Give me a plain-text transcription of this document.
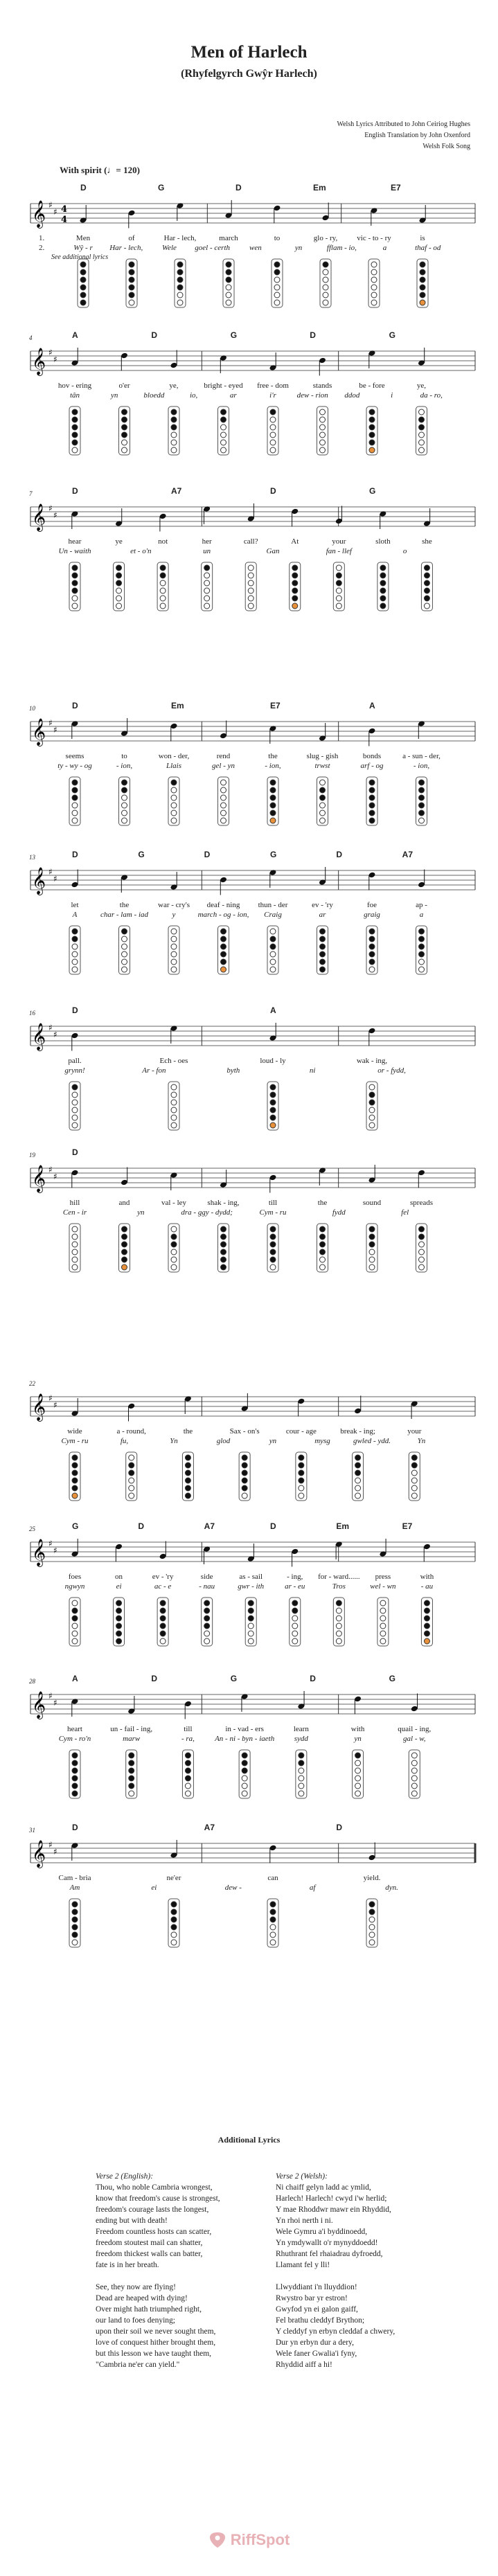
Men of Harlech
(Rhyfelgyrch Gwŷr Harlech)
Welsh Lyrics Attributed to John Ceiriog Hughes
English Translation by John Oxenford
Welsh Folk Song
With spirit (♩= 120)
𝄞 ♯
♯ 4
4
D	G	D	Em	E7
Men	of	Har - lech,	march	to	glo - ry,	vic - to - ry	is
Wŷ - r Har - lech,	Wele goel - certh	wen	yn	fflam - io,	a	thaf - od
1.
2.
See additional lyrics
𝄞 ♯
♯
4	A	D	G	D	G
hov - ering	o'er	ye,	bright - eyed free - dom	stands	be - fore	ye,
tân	yn	bloedd	io,	ar	i'r	dew - rion ddod	i	da - ro,
𝄞 ♯
♯
7	D	A7	D	G
hear	ye	not	her	call?	At	your	sloth	she
Un - waith	et - o'n	un	Gan	fan - llef	o
𝄞 ♯
♯
10	D	Em	E7	A
seems	to	won - der,	rend	the	slug - gish	bonds	a - sun - der,
ty - wy - og	- ion,	Llais	gel - yn	- ion,	trwst	arf - og	- ion,
𝄞 ♯
♯
13	D	G	D	G	D	A7
let	the	war - cry's deaf - ning thun - der	ev - 'ry	foe	ap -
A	char - lam - iad	y	march - og - ion, Craig	ar	graig	a
𝄞 ♯
♯
16	D	A
pall.	Ech - oes	loud - ly	wak - ing,
grynn!	Ar - fon	byth	ni	or - fydd,
𝄞 ♯
♯
19	D
hill	and	val - ley	shak - ing,	till	the	sound	spreads
Cen - ir	yn	dra - ggy - dydd;	Cym - ru	fydd	fel
𝄞 ♯
♯
22
wide	a - round,	the	Sax - on's	cour - age	break - ing;	your
Cym - ru	fu,	Yn	glod	yn	mysg	gwled - ydd.	Yn
𝄞 ♯
♯
25	G	D	A7	D	Em	E7
foes	on	ev - 'ry	side	as - sail	- ing, for - ward...... press	with
ngwyn	ei	ac - e	- nau	gwr - ith	ar - eu	Tros	wel - wn	- au
𝄞 ♯
♯
28	A	D	G	D	G
heart	un - fail - ing,	till	in - vad - ers	learn	with	quail - ing,
Cym - ro'n	marw	- ra,	An - ni - byn - iaeth	sydd	yn	gal - w,
𝄞 ♯
♯
31	D	A7	D
Cam - bria	ne'er	can	yield.
Am	ei	dew -	af	dyn.
Additional Lyrics
Verse 2 (English):
Thou, who noble Cambria wrongest,
know that freedom's cause is strongest,
freedom's courage lasts the longest,
ending but with death!
Freedom countless hosts can scatter,
freedom stoutest mail can shatter,
freedom thickest walls can batter,
fate is in her breath.
See, they now are flying!
Dead are heaped with dying!
Over might hath triumphed right,
our land to foes denying;
upon their soil we never sought them,
love of conquest hither brought them,
but this lesson we have taught them,
"Cambria ne'er can yield."
Verse 2 (Welsh):
Ni chaiff gelyn ladd ac ymlid,
Harlech! Harlech! cwyd i'w herlid;
Y mae Rhoddwr mawr ein Rhyddid,
Yn rhoi nerth i ni.
Wele Gymru a'i byddinoedd,
Yn ymdywallt o'r mynyddoedd!
Rhuthrant fel rhaiadrau dyfroedd,
Llamant fel y lli!
Llwyddiant i'n lluyddion!
Rwystro bar yr estron!
Gwyfod yn ei galon gaiff,
Fel brathu cleddyf Brython;
Y cleddyf yn erbyn cleddaf a chwery,
Dur yn erbyn dur a dery,
Wele faner Gwalia'i fyny,
Rhyddid aiff a hi!
RiffSpot
